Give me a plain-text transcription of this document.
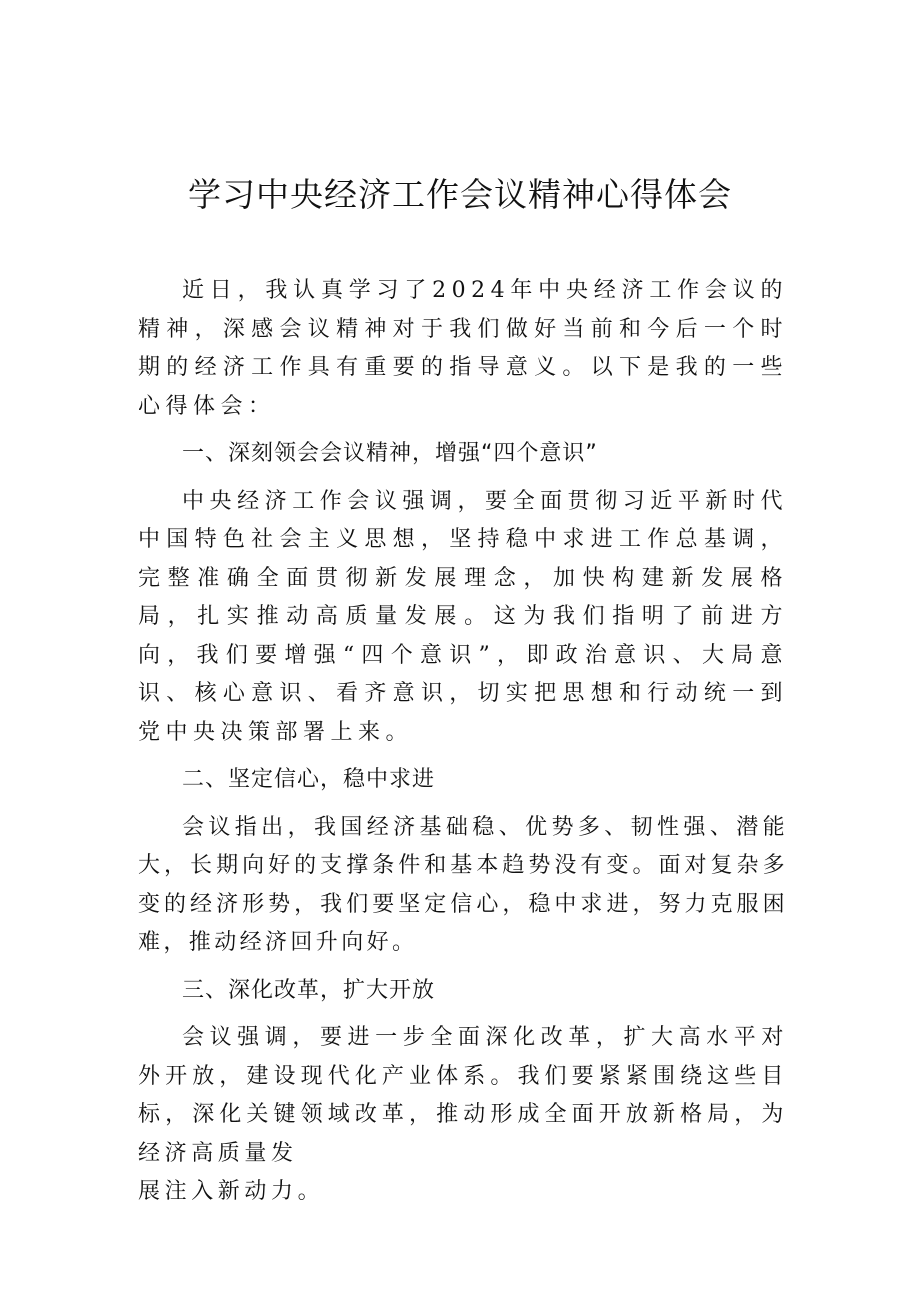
学习中央经济工作会议精神心得体会

近日，我认真学习了2024年中央经济工作会议的精神，深感会议精神对于我们做好当前和今后一个时期的经济工作具有重要的指导意义。以下是我的一些心得体会：

一、深刻领会会议精神，增强“四个意识”

中央经济工作会议强调，要全面贯彻习近平新时代中国特色社会主义思想，坚持稳中求进工作总基调，完整准确全面贯彻新发展理念，加快构建新发展格局，扎实推动高质量发展。这为我们指明了前进方向，我们要增强“四个意识”，即政治意识、大局意识、核心意识、看齐意识，切实把思想和行动统一到党中央决策部署上来。

二、坚定信心，稳中求进

会议指出，我国经济基础稳、优势多、韧性强、潜能大，长期向好的支撑条件和基本趋势没有变。面对复杂多变的经济形势，我们要坚定信心，稳中求进，努力克服困难，推动经济回升向好。

三、深化改革，扩大开放

会议强调，要进一步全面深化改革，扩大高水平对外开放，建设现代化产业体系。我们要紧紧围绕这些目标，深化关键领域改革，推动形成全面开放新格局，为经济高质量发
展注入新动力。
